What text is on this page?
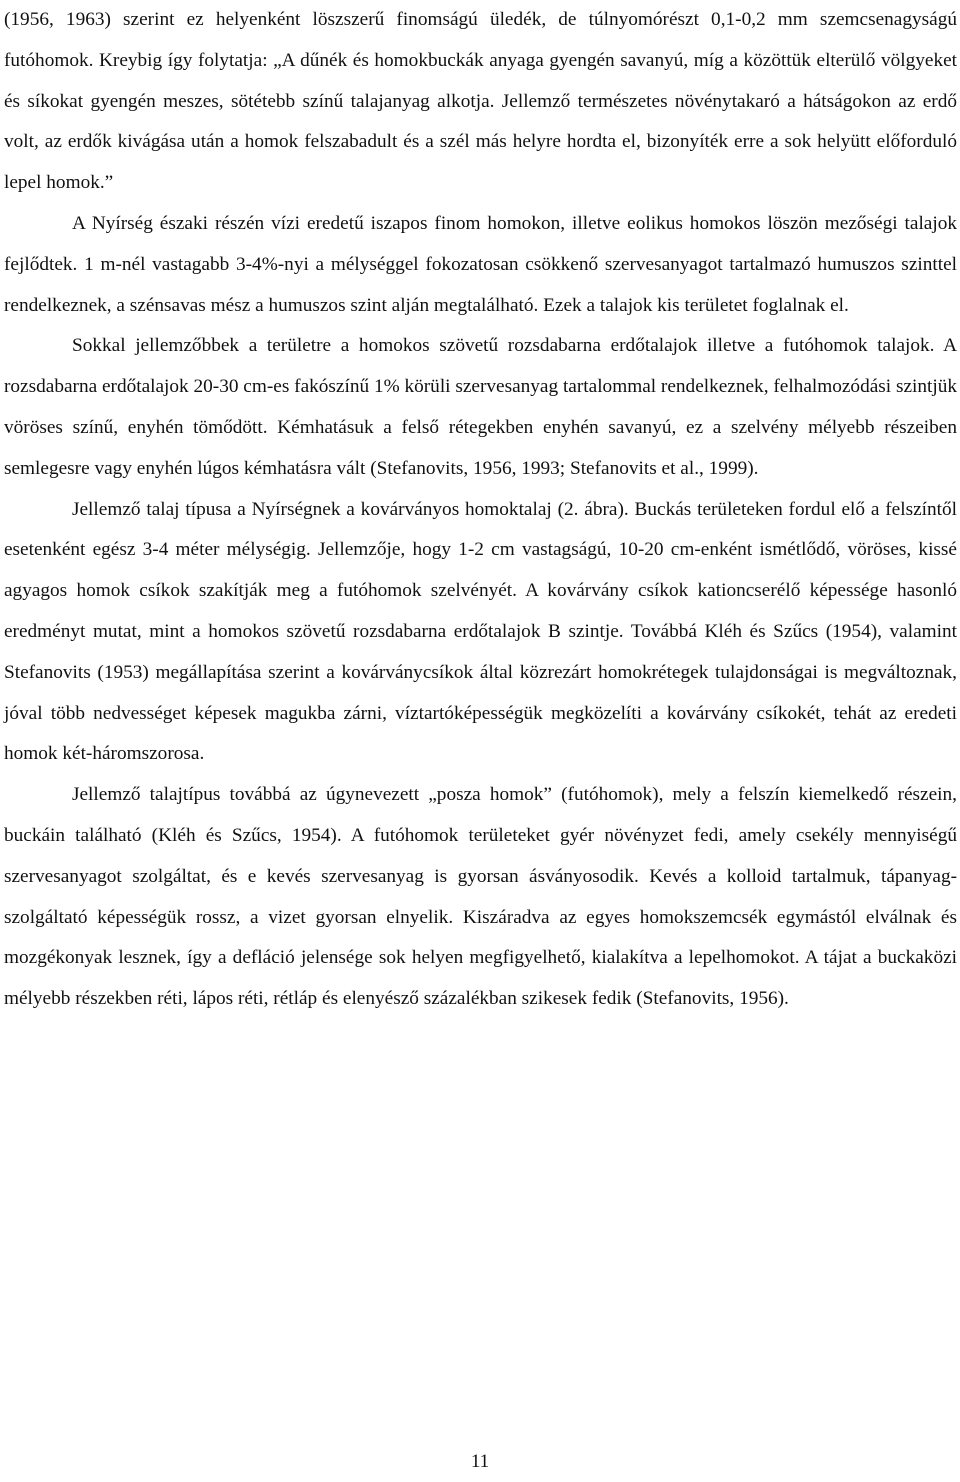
(1956, 1963) szerint ez helyenként löszszerű finomságú üledék, de túlnyomórészt 0,1-0,2 mm szemcsenagyságú futóhomok. Kreybig így folytatja: „A dűnék és homokbuckák anyaga gyengén savanyú, míg a közöttük elterülő völgyeket és síkokat gyengén meszes, sötétebb színű talajanyag alkotja. Jellemző természetes növénytakaró a hátságokon az erdő volt, az erdők kivágása után a homok felszabadult és a szél más helyre hordta el, bizonyíték erre a sok helyütt előforduló lepel homok.”

A Nyírség északi részén vízi eredetű iszapos finom homokon, illetve eolikus homokos löszön mezőségi talajok fejlődtek. 1 m-nél vastagabb 3-4%-nyi a mélységgel fokozatosan csökkenő szervesanyagot tartalmazó humuszos szinttel rendelkeznek, a szénsavas mész a humuszos szint alján megtalálható. Ezek a talajok kis területet foglalnak el.

Sokkal jellemzőbbek a területre a homokos szövetű rozsdabarna erdőtalajok illetve a futóhomok talajok. A rozsdabarna erdőtalajok 20-30 cm-es fakószínű 1% körüli szervesanyag tartalommal rendelkeznek, felhalmozódási szintjük vöröses színű, enyhén tömődött. Kémhatásuk a felső rétegekben enyhén savanyú, ez a szelvény mélyebb részeiben semlegesre vagy enyhén lúgos kémhatásra vált (Stefanovits, 1956, 1993; Stefanovits et al., 1999).

Jellemző talaj típusa a Nyírségnek a kovárványos homoktalaj (2. ábra). Buckás területeken fordul elő a felszíntől esetenként egész 3-4 méter mélységig. Jellemzője, hogy 1-2 cm vastagságú, 10-20 cm-enként ismétlődő, vöröses, kissé agyagos homok csíkok szakítják meg a futóhomok szelvényét. A kovárvány csíkok kationcserélő képessége hasonló eredményt mutat, mint a homokos szövetű rozsdabarna erdőtalajok B szintje. Továbbá Kléh és Szűcs (1954), valamint Stefanovits (1953) megállapítása szerint a kovárványcsíkok által közrezárt homokrétegek tulajdonságai is megváltoznak, jóval több nedvességet képesek magukba zárni, víztartóképességük megközelíti a kovárvány csíkokét, tehát az eredeti homok két-háromszorosa.

Jellemző talajtípus továbbá az úgynevezett „posza homok” (futóhomok), mely a felszín kiemelkedő részein, buckáin található (Kléh és Szűcs, 1954). A futóhomok területeket gyér növényzet fedi, amely csekély mennyiségű szervesanyagot szolgáltat, és e kevés szervesanyag is gyorsan ásványosodik. Kevés a kolloid tartalmuk, tápanyag-szolgáltató képességük rossz, a vizet gyorsan elnyelik. Kiszáradva az egyes homokszemcsék egymástól elválnak és mozgékonyak lesznek, így a defláció jelensége sok helyen megfigyelhető, kialakítva a lepelhomokot. A tájat a buckaközi mélyebb részekben réti, lápos réti, rétláp és elenyésző százalékban szikesek fedik (Stefanovits, 1956).

11
